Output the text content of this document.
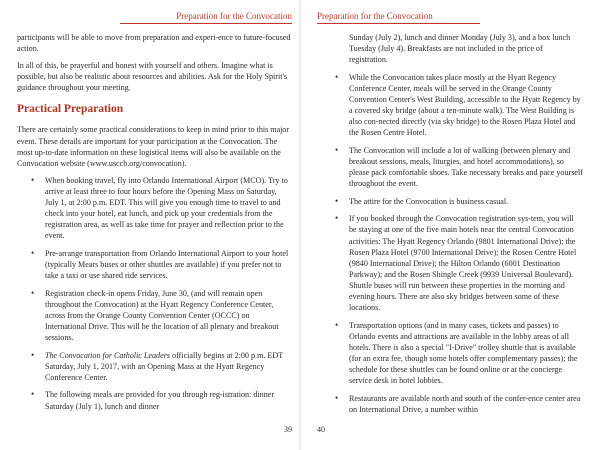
Preparation for the Convocation

participants will be able to move from preparation and experi-ence to future-focused action.

In all of this, be prayerful and honest with yourself and others. Imagine what is possible, but also be realistic about resources and abilities. Ask for the Holy Spirit's guidance throughout your meeting.

Practical Preparation

There are certainly some practical considerations to keep in mind prior to this major event. These details are important for your participation at the Convocation. The most up-to-date information on these logistical items will also be available on the Convocation website (www.usccb.org/convocation).

• When booking travel, fly into Orlando International Airport (MCO). Try to arrive at least three to four hours before the Opening Mass on Saturday, July 1, at 2:00 p.m. EDT. This will give you enough time to travel to and check into your hotel, eat lunch, and pick up your credentials from the registration area, as well as take time for prayer and reflection prior to the event.
• Pre-arrange transportation from Orlando International Airport to your hotel (typically Mears buses or other shuttles are available) if you prefer not to take a taxi or use shared ride services.
• Registration check-in opens Friday, June 30, (and will remain open throughout the Convocation) at the Hyatt Regency Conference Center, across from the Orange County Convention Center (OCCC) on International Drive. This will be the location of all plenary and breakout sessions.
• The Convocation for Catholic Leaders officially begins at 2:00 p.m. EDT Saturday, July 1, 2017, with an Opening Mass at the Hyatt Regency Conference Center.
• The following meals are provided for you through reg-istration: dinner Saturday (July 1), lunch and dinner
39
Preparation for the Convocation
Sunday (July 2), lunch and dinner Monday (July 3), and a box lunch Tuesday (July 4). Breakfasts are not included in the price of registration.
• While the Convocation takes place mostly at the Hyatt Regency Conference Center, meals will be served in the Orange County Convention Center's West Building, accessible to the Hyatt Regency by a covered sky bridge (about a ten-minute walk). The West Building is also con-nected directly (via sky bridge) to the Rosen Plaza Hotel and the Rosen Centre Hotel.
• The Convocation will include a lot of walking (between plenary and breakout sessions, meals, liturgies, and hotel accommodations), so please pack comfortable shoes. Take necessary breaks and pace yourself throughout the event.
• The attire for the Convocation is business casual.
• If you booked through the Convocation registration sys-tem, you will be staying at one of the five main hotels near the central Convocation activities: The Hyatt Regency Orlando (9801 International Drive); the Rosen Plaza Hotel (9700 International Drive); the Rosen Centre Hotel (9840 International Drive); the Hilton Orlando (6001 Destination Parkway); and the Rosen Shingle Creek (9939 Universal Boulevard). Shuttle buses will run between these properties in the morning and evening hours. There are also sky bridges between some of these locations.
• Transportation options (and in many cases, tickets and passes) to Orlando events and attractions are available in the lobby areas of all hotels. There is also a special "I-Drive" trolley shuttle that is available (for an extra fee, though some hotels offer complementary passes); the schedule for these shuttles can be found online or at the concierge service desk in hotel lobbies.
• Restaurants are available north and south of the confer-ence center area on International Drive, a number within
40
